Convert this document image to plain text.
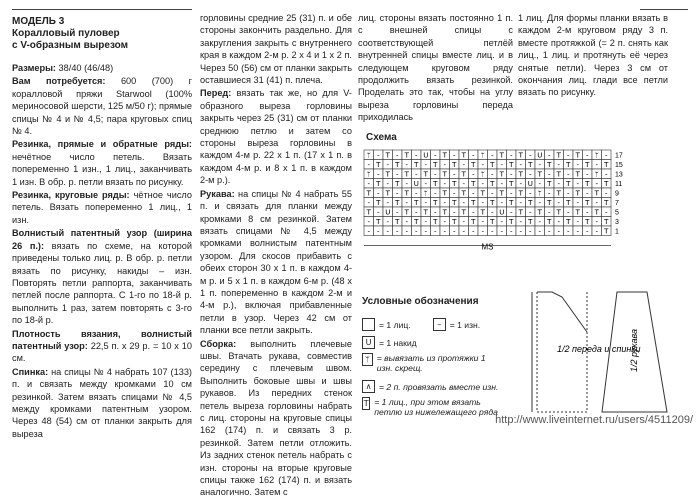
МОДЕЛЬ 3
Коралловый пуловер
с V-образным вырезом

Размеры: 38/40 (46/48)

Вам потребуется: 600 (700) г коралловой пряжи Starwool (100% мериносовой шерсти, 125 м/50 г); прямые спицы № 4 и № 4,5; пара круговых спиц № 4.

Резинка, прямые и обратные ряды: нечётное число петель. Вязать попеременно 1 изн., 1 лиц., заканчивать 1 изн. В обр. р. петли вязать по рисунку.

Резинка, круговые ряды: чётное число петель. Вязать попеременно 1 лиц., 1 изн.

Волнистый патентный узор (ширина 26 п.): вязать по схеме, на которой приведены только лиц. р. В обр. р. петли вязать по рисунку, накиды – изн. Повторять петли раппорта, заканчивать петлей после раппорта. С 1-го по 18-й р. выполнить 1 раз, затем повторять с 3-го по 18-й р.

Плотность вязания, волнистый патентный узор: 22,5 п. х 29 р. = 10 х 10 см.

Спинка: на спицы № 4 набрать 107 (133) п. и связать между кромками 10 см резинкой. Затем вязать спицами № 4,5 между кромками патентным узором. Через 48 (54) см от планки закрыть для выреза

горловины средние 25 (31) п. и обе стороны закончить раздельно. Для закругления закрыть с внутреннего края в каждом 2-м р. 2 х 4 и 1 х 2 п. Через 50 (56) см от планки закрыть оставшиеся 31 (41) п. плеча.

Перед: вязать так же, но для V-образного выреза горловины закрыть через 25 (31) см от планки среднюю петлю и затем со стороны выреза горловины в каждом 4-м р. 22 х 1 п. (17 х 1 п. в каждом 4-м р. и 8 х 1 п. в каждом 2-м р.).

Рукава: на спицы № 4 набрать 55 п. и связать для планки между кромками 8 см резинкой. Затем вязать спицами № 4,5 между кромками волнистым патентным узором. Для скосов прибавить с обеих сторон 30 х 1 п. в каждом 4-м р. и 5 х 1 п. в каждом 6-м р. (48 х 1 п. попеременно в каждом 2-м и 4-м р.), включая прибавленные петли в узор. Через 42 см от планки все петли закрыть.

Сборка: выполнить плечевые швы. Втачать рукава, совместив середину с плечевым швом. Выполнить боковые швы и швы рукавов. Из передних стенок петель выреза горловины набрать с лиц. стороны на круговые спицы 162 (174) п. и связать 3 р. резинкой. Затем петли отложить. Из задних стенок петель набрать с изн. стороны на вторые круговые спицы также 162 (174) п. и вязать аналогично. Затем с

лиц. стороны вязать постоянно 1 п. с внешней спицы с соответствующей петлёй внутренней спицы вместе лиц. и в следующем круговом ряду продолжить вязать резинкой. Проделать это так, чтобы на углу выреза горловины переда приходилась

1 лиц. Для формы планки вязать в каждом 2-м круговом ряду 3 п. вместе протяжкой (= 2 п. снять как лиц., 1 лиц. и протянуть её через снятые петли). Через 3 см от окончания лиц. глади все петли вязать по рисунку.

Схема
ᛘ - T - T - U - T - T - ᛘ - T - T - U - T - T - ᛘ -
- T - T - T - T - T - T - T - T - T - T - T - T - T
ᛘ - T - T - T - T - T - ᛘ - T - T - T - T - T - ᛘ -
- T - T - U - T - T - T - T - T - U - T - T - T - T
T - T - T - ᛘ - T - T - T - T - T - ᛘ - T - T - T -
- T - T - T - T - T - T - T - T - T - T - T - T - T
T - U - T - T - T - T - T - U - T - T - T - T - T -
- T - T - T - T - T - T - T - T - T - T - T - T - T
- - - - - - - - - - - - - - - - - - - - - - - - - T
17
15
13
11
9
7
5
3
1
MS
Условные обозначения
= 1 лиц.	– = 1 изн.
U = 1 накид
ᛘ = вывязать из протяжки 1 изн. скрещ.
∧ = 2 п. провязать вместе изн.
T = 1 лиц., при этом вязать петлю из нижележащего ряда
1/2 переда и спинки
1/2 рукава
http://www.liveinternet.ru/users/4511209/
